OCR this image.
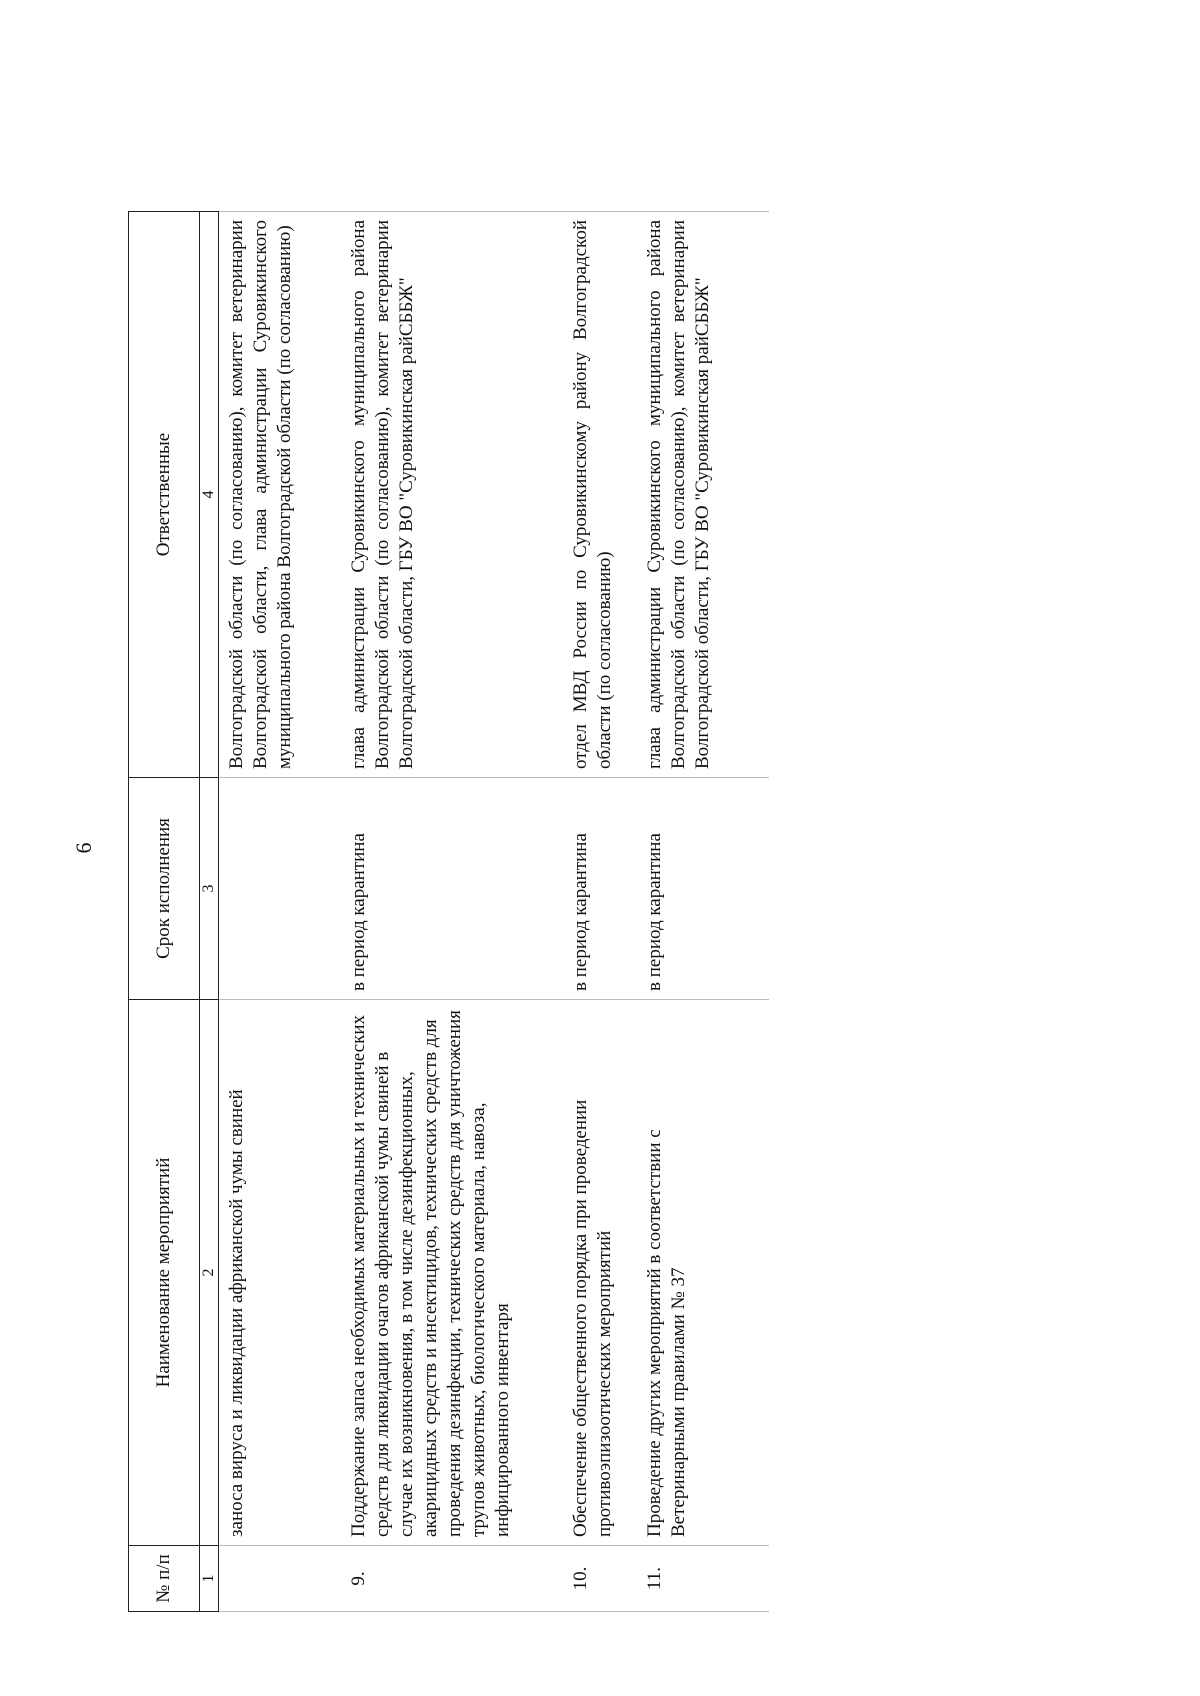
6
№ п/п	Наименование мероприятий	Срок исполнения	Ответственные
1	2	3	4
	заноса вируса и ликвидации африканской чумы свиней		Волгоградской области (по согласованию), комитет ветеринарии Волгоградской области, глава администрации Суровикинского муниципального района Волгоградской области (по согласованию)
9.	Поддержание запаса необходимых материальных и технических средств для ликвидации очагов африканской чумы свиней в случае их возникновения, в том числе дезинфекционных, акарицидных средств и инсектицидов, технических средств для проведения дезинфекции, технических средств для уничтожения трупов животных, биологического материала, навоза, инфицированного инвентаря	в период карантина	глава администрации Суровикинского муниципального района Волгоградской области (по согласованию), комитет ветеринарии Волгоградской области, ГБУ ВО "Суровикинская райСББЖ"
10.	Обеспечение общественного порядка при проведении противоэпизоотических мероприятий	в период карантина	отдел МВД России по Суровикинскому району Волгоградской области (по согласованию)
11.	Проведение других мероприятий в соответствии с Ветеринарными правилами № 37	в период карантина	глава администрации Суровикинского муниципального района Волгоградской области (по согласованию), комитет ветеринарии Волгоградской области, ГБУ ВО "Суровикинская райСББЖ"
